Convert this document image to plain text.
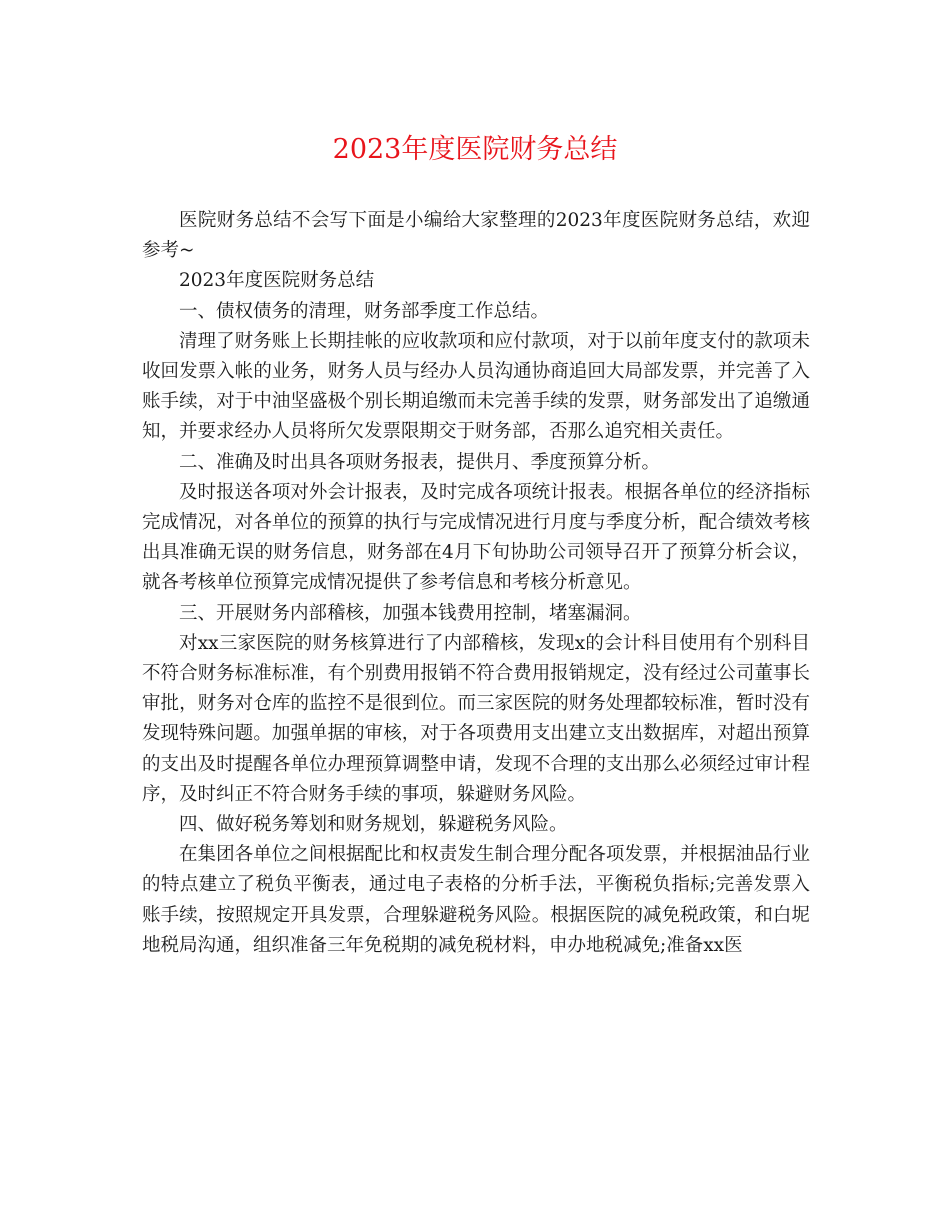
2023年度医院财务总结

医院财务总结不会写下面是小编给大家整理的2023年度医院财务总结，欢迎参考~

2023年度医院财务总结

一、债权债务的清理，财务部季度工作总结。

清理了财务账上长期挂帐的应收款项和应付款项，对于以前年度支付的款项未收回发票入帐的业务，财务人员与经办人员沟通协商追回大局部发票，并完善了入账手续，对于中油坚盛极个别长期追缴而未完善手续的发票，财务部发出了追缴通知，并要求经办人员将所欠发票限期交于财务部，否那么追究相关责任。

二、准确及时出具各项财务报表，提供月、季度预算分析。

及时报送各项对外会计报表，及时完成各项统计报表。根据各单位的经济指标完成情况，对各单位的预算的执行与完成情况进行月度与季度分析，配合绩效考核出具准确无误的财务信息，财务部在4月下旬协助公司领导召开了预算分析会议，就各考核单位预算完成情况提供了参考信息和考核分析意见。

三、开展财务内部稽核，加强本钱费用控制，堵塞漏洞。

对xx三家医院的财务核算进行了内部稽核，发现x的会计科目使用有个别科目不符合财务标准标准，有个别费用报销不符合费用报销规定，没有经过公司董事长审批，财务对仓库的监控不是很到位。而三家医院的财务处理都较标准，暂时没有发现特殊问题。加强单据的审核，对于各项费用支出建立支出数据库，对超出预算的支出及时提醒各单位办理预算调整申请，发现不合理的支出那么必须经过审计程序，及时纠正不符合财务手续的事项，躲避财务风险。

四、做好税务筹划和财务规划，躲避税务风险。

在集团各单位之间根据配比和权责发生制合理分配各项发票，并根据油品行业的特点建立了税负平衡表，通过电子表格的分析手法，平衡税负指标;完善发票入账手续，按照规定开具发票，合理躲避税务风险。根据医院的减免税政策，和白坭地税局沟通，组织准备三年免税期的减免税材料，申办地税减免;准备xx医
